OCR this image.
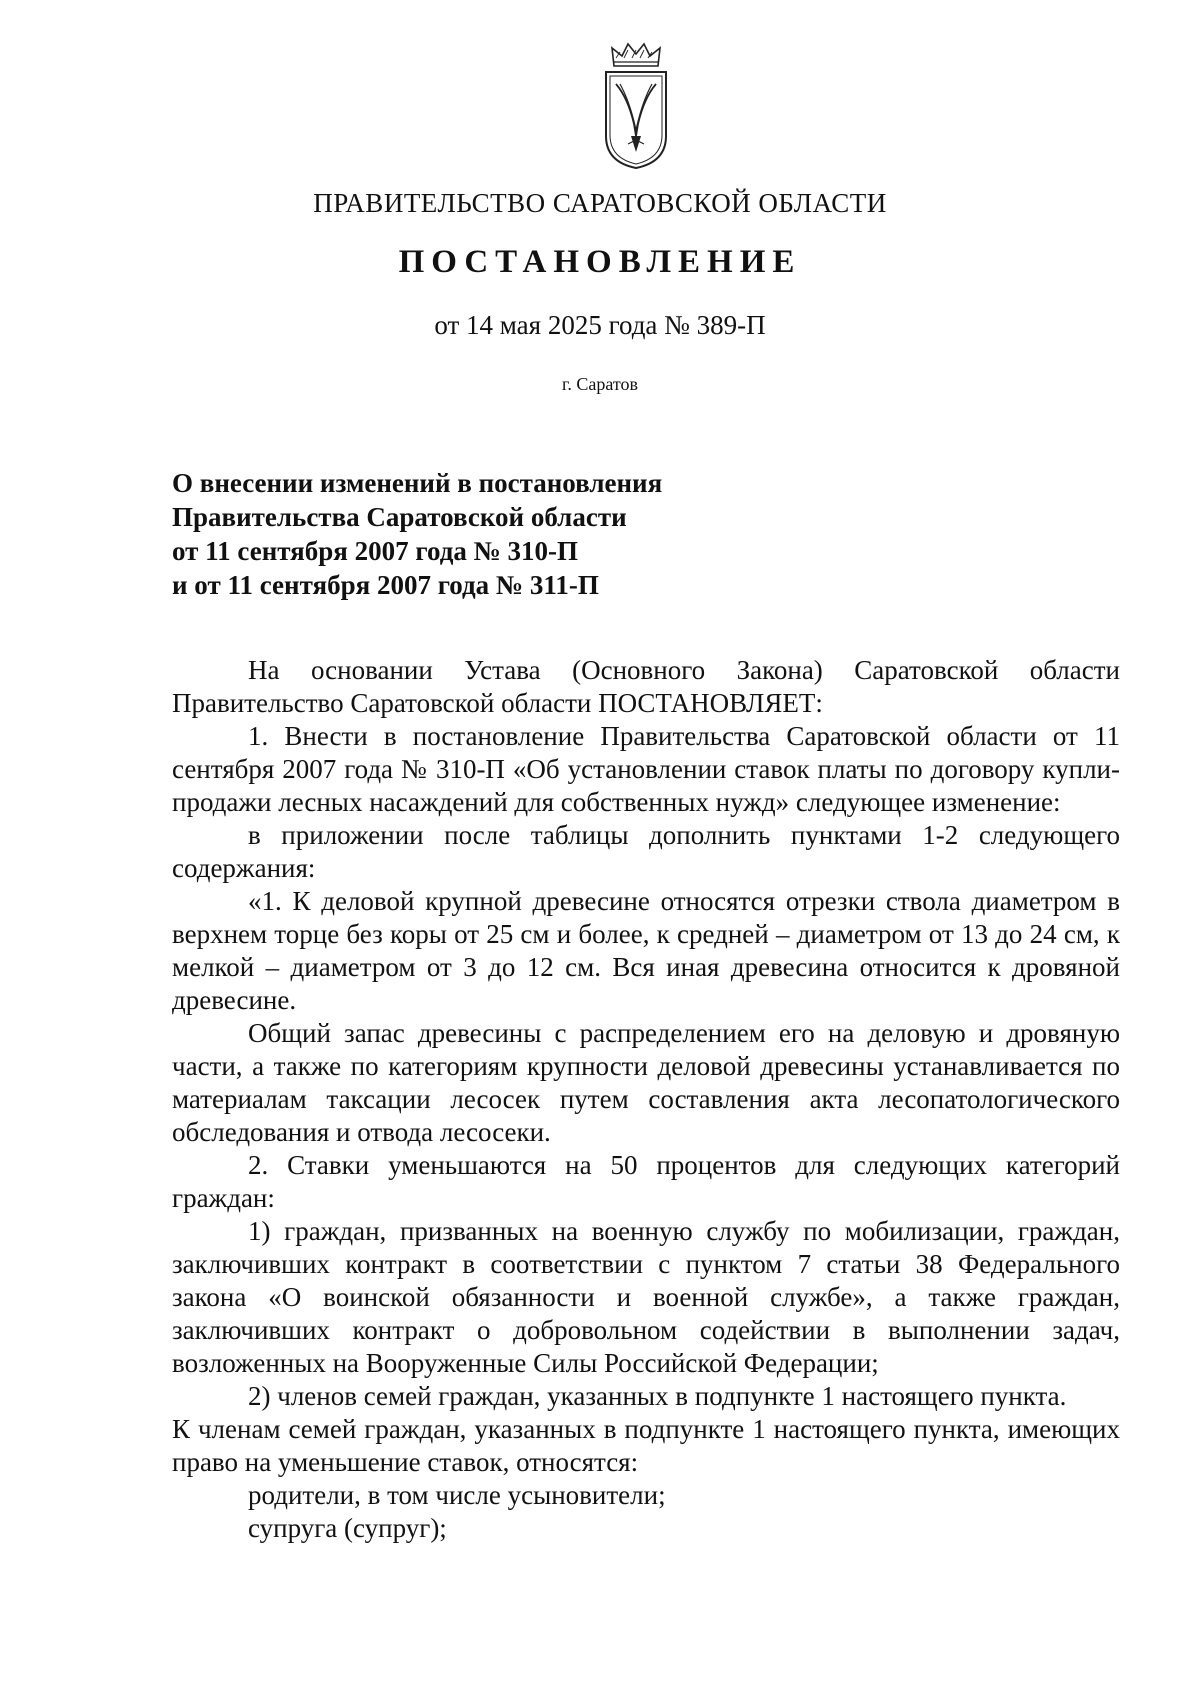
ПРАВИТЕЛЬСТВО САРАТОВСКОЙ ОБЛАСТИ
ПОСТАНОВЛЕНИЕ
от 14 мая 2025 года № 389-П
г. Саратов
О внесении изменений в постановления
Правительства Саратовской области
от 11 сентября 2007 года № 310-П
и от 11 сентября 2007 года № 311-П

На основании Устава (Основного Закона) Саратовской области Правительство Саратовской области ПОСТАНОВЛЯЕТ:

1. Внести в постановление Правительства Саратовской области от 11 сентября 2007 года № 310-П «Об установлении ставок платы по договору купли-продажи лесных насаждений для собственных нужд» следующее изменение:

в приложении после таблицы дополнить пунктами 1-2 следующего содержания:

«1. К деловой крупной древесине относятся отрезки ствола диаметром в верхнем торце без коры от 25 см и более, к средней – диаметром от 13 до 24 см, к мелкой – диаметром от 3 до 12 см. Вся иная древесина относится к дровяной древесине.

Общий запас древесины с распределением его на деловую и дровяную части, а также по категориям крупности деловой древесины устанавливается по материалам таксации лесосек путем составления акта лесопатологического обследования и отвода лесосеки.

2. Ставки уменьшаются на 50 процентов для следующих категорий граждан:

1) граждан, призванных на военную службу по мобилизации, граждан, заключивших контракт в соответствии с пунктом 7 статьи 38 Федерального закона «О воинской обязанности и военной службе», а также граждан, заключивших контракт о добровольном содействии в выполнении задач, возложенных на Вооруженные Силы Российской Федерации;

2) членов семей граждан, указанных в подпункте 1 настоящего пункта.

К членам семей граждан, указанных в подпункте 1 настоящего пункта, имеющих право на уменьшение ставок, относятся:

родители, в том числе усыновители;

супруга (супруг);
